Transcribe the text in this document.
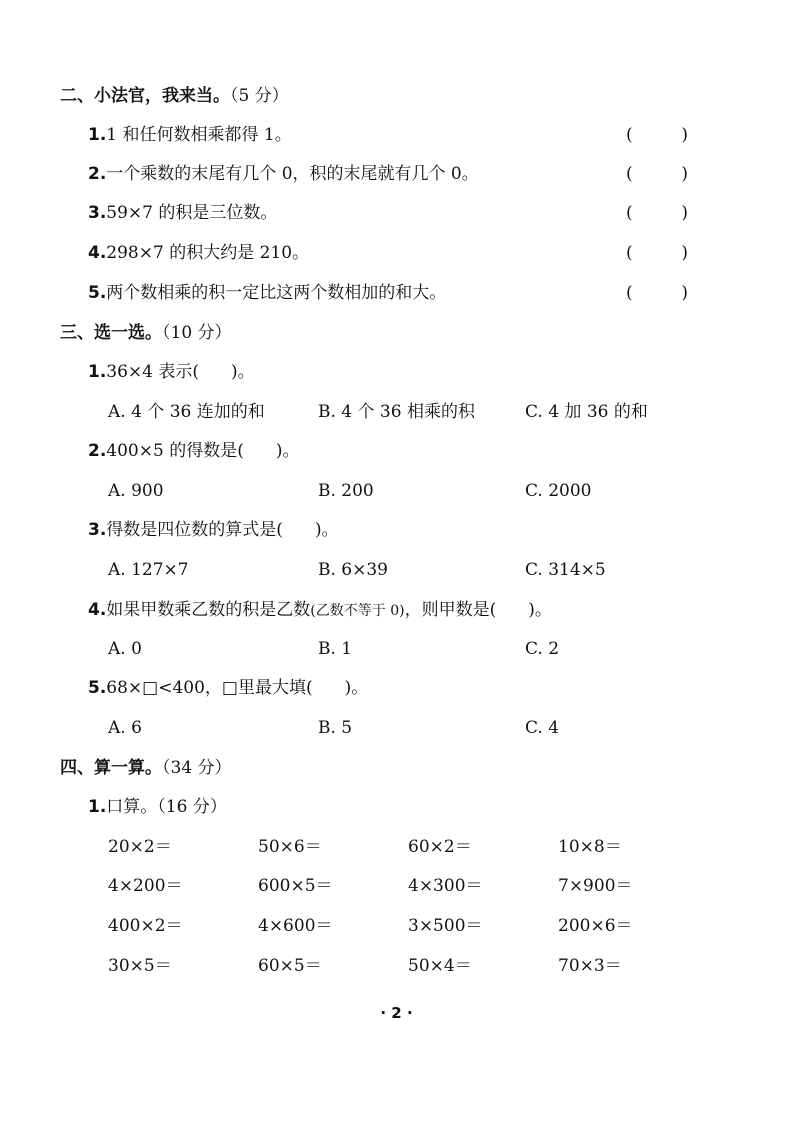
二、小法官，我来当。（5 分）
1.1 和任何数相乘都得 1。	(	)
2.一个乘数的末尾有几个 0，积的末尾就有几个 0。	(	)
3.59×7 的积是三位数。	(	)
4.298×7 的积大约是 210。	(	)
5.两个数相乘的积一定比这两个数相加的和大。	(	)
三、选一选。（10 分）
1.36×4 表示( )。
A. 4 个 36 连加的和	B. 4 个 36 相乘的积	C. 4 加 36 的和
2.400×5 的得数是( )。
A. 900	B. 200	C. 2000
3.得数是四位数的算式是( )。
A. 127×7	B. 6×39	C. 314×5
4.如果甲数乘乙数的积是乙数(乙数不等于 0)，则甲数是( )。
A. 0	B. 1	C. 2
5.68×□<400，□里最大填( )。
A. 6	B. 5	C. 4
四、算一算。（34 分）
1.口算。（16 分）
20×2＝	50×6＝	60×2＝	10×8＝
4×200＝	600×5＝	4×300＝	7×900＝
400×2＝	4×600＝	3×500＝	200×6＝
30×5＝	60×5＝	50×4＝	70×3＝
· 2 ·
